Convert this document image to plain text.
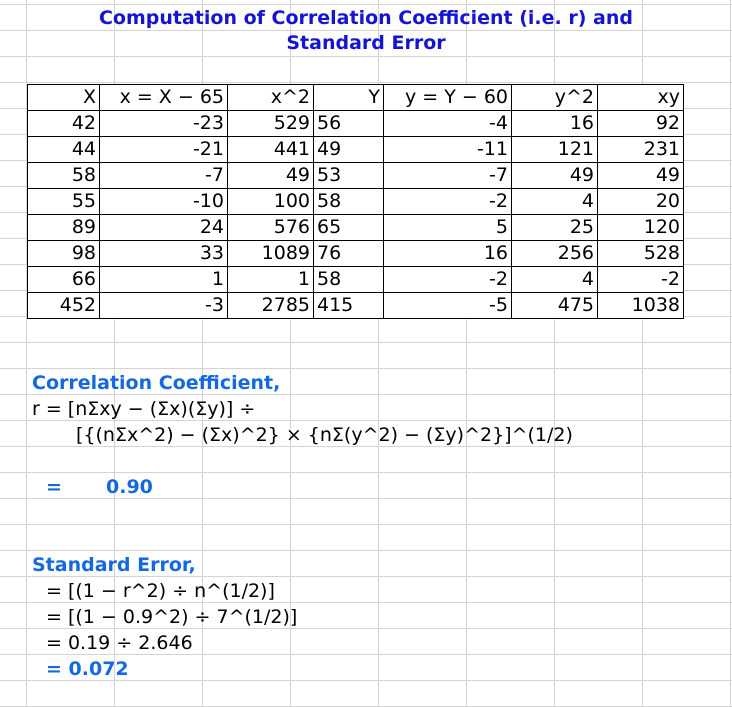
Computation of Correlation Coefficient (i.e. r) and
Standard Error
X	x = X − 65	x^2	Y	y = Y − 60	y^2	xy
42	-23	529	56	-4	16	92
44	-21	441	49	-11	121	231
58	-7	49	53	-7	49	49
55	-10	100	58	-2	4	20
89	24	576	65	5	25	120
98	33	1089	76	16	256	528
66	1	1	58	-2	4	-2
452	-3	2785	415	-5	475	1038
Correlation Coefficient,
r = [nΣxy − (Σx)(Σy)] ÷
[{(nΣx^2) − (Σx)^2} × {nΣ(y^2) − (Σy)^2}]^(1/2)
= 0.90
Standard Error,
= [(1 − r^2) ÷ n^(1/2)]
= [(1 − 0.9^2) ÷ 7^(1/2)]
= 0.19 ÷ 2.646
= 0.072
